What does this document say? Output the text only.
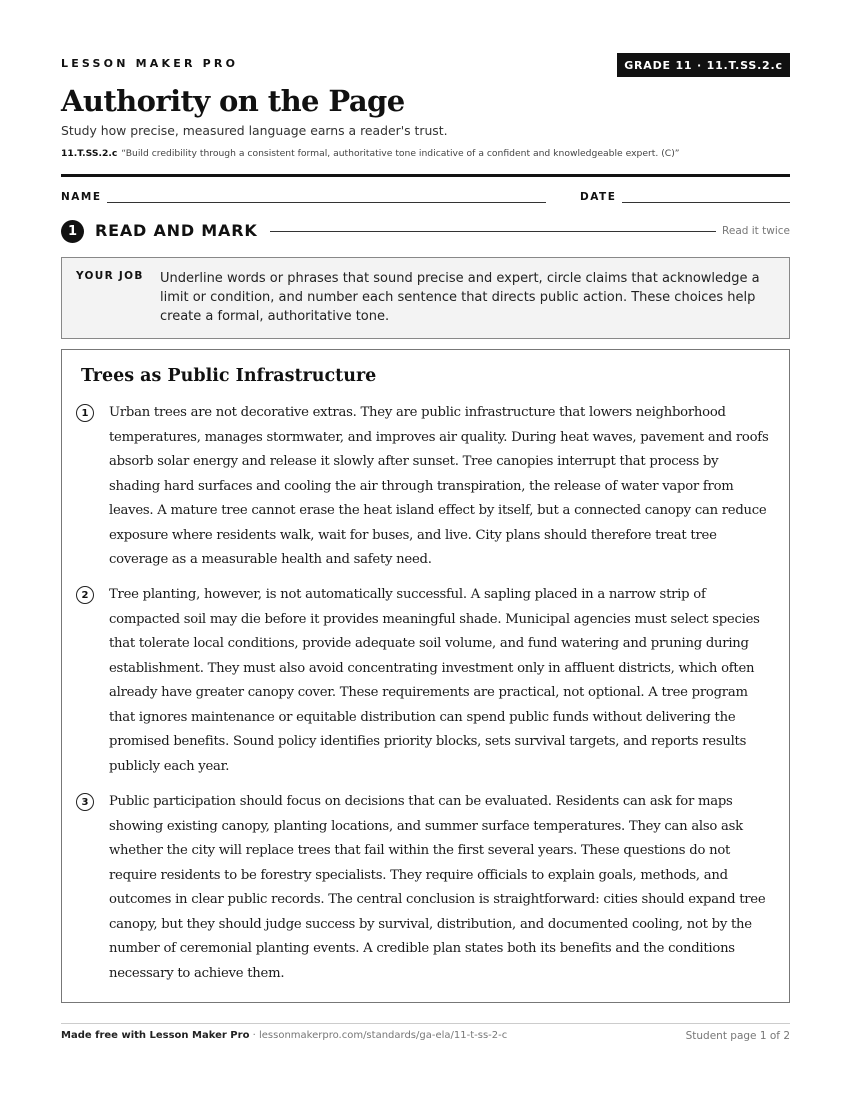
LESSON MAKER PRO	GRADE 11 · 11.T.SS.2.c
Authority on the Page
Study how precise, measured language earns a reader's trust.
11.T.SS.2.c “Build credibility through a consistent formal, authoritative tone indicative of a confident and knowledgeable expert. (C)”
NAME	DATE
1	READ AND MARK	Read it twice
YOUR JOB Underline words or phrases that sound precise and expert, circle claims that acknowledge a limit or condition, and number each sentence that directs public action. These choices help create a formal, authoritative tone.
Trees as Public Infrastructure
1	Urban trees are not decorative extras. They are public infrastructure that lowers neighborhood temperatures, manages stormwater, and improves air quality. During heat waves, pavement and roofs absorb solar energy and release it slowly after sunset. Tree canopies interrupt that process by shading hard surfaces and cooling the air through transpiration, the release of water vapor from leaves. A mature tree cannot erase the heat island effect by itself, but a connected canopy can reduce exposure where residents walk, wait for buses, and live. City plans should therefore treat tree coverage as a measurable health and safety need.
2	Tree planting, however, is not automatically successful. A sapling placed in a narrow strip of compacted soil may die before it provides meaningful shade. Municipal agencies must select species that tolerate local conditions, provide adequate soil volume, and fund watering and pruning during establishment. They must also avoid concentrating investment only in affluent districts, which often already have greater canopy cover. These requirements are practical, not optional. A tree program that ignores maintenance or equitable distribution can spend public funds without delivering the promised benefits. Sound policy identifies priority blocks, sets survival targets, and reports results publicly each year.
3	Public participation should focus on decisions that can be evaluated. Residents can ask for maps showing existing canopy, planting locations, and summer surface temperatures. They can also ask whether the city will replace trees that fail within the first several years. These questions do not require residents to be forestry specialists. They require officials to explain goals, methods, and outcomes in clear public records. The central conclusion is straightforward: cities should expand tree canopy, but they should judge success by survival, distribution, and documented cooling, not by the number of ceremonial planting events. A credible plan states both its benefits and the conditions necessary to achieve them.
Made free with Lesson Maker Pro · lessonmakerpro.com/standards/ga-ela/11-t-ss-2-c	Student page 1 of 2
